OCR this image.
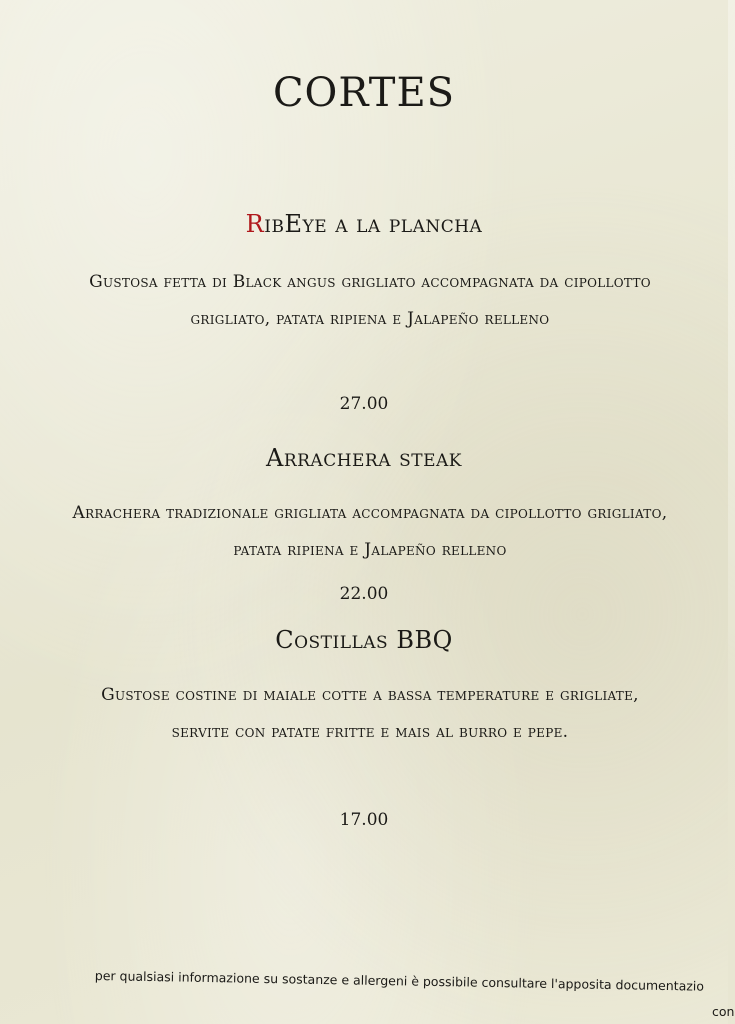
CORTES
RibEye a la plancha
Gustosa fetta di Black angus grigliato accompagnata da cipollotto grigliato, patata ripiena e Jalapeño relleno
27.00
Arrachera steak
Arrachera tradizionale grigliata accompagnata da cipollotto grigliato, patata ripiena e Jalapeño relleno
22.00
Costillas BBQ
Gustose costine di maiale cotte a bassa temperature e grigliate, servite con patate fritte e mais al burro e pepe.
17.00
per qualsiasi informazione su sostanze e allergeni è possibile consultare l'apposita documentazio
con
